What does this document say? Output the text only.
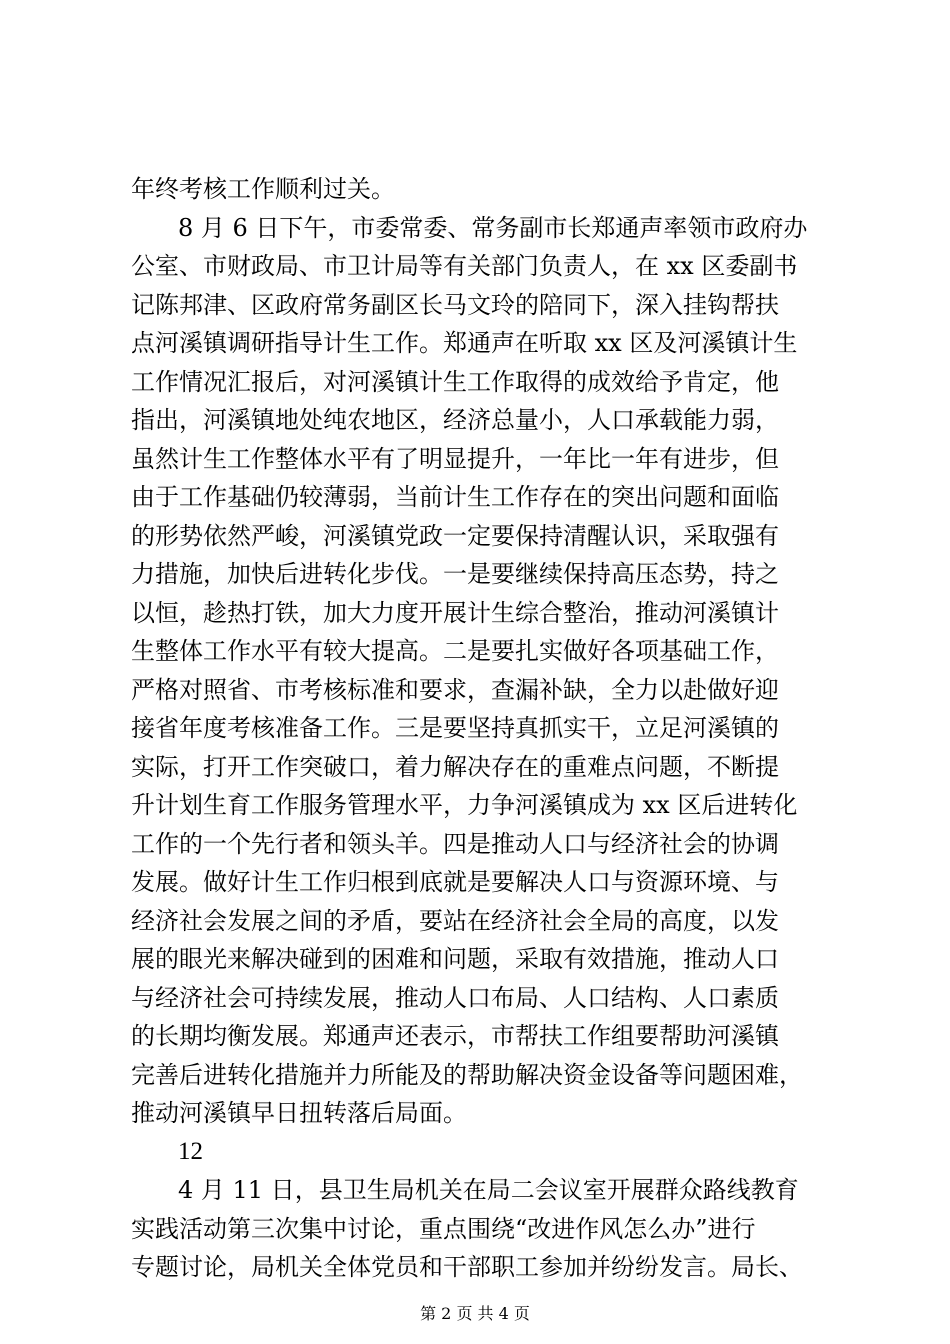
年终考核工作顺利过关。
8 月 6 日下午，市委常委、常务副市长郑通声率领市政府办
公室、市财政局、市卫计局等有关部门负责人，在 xx 区委副书
记陈邦津、区政府常务副区长马文玲的陪同下，深入挂钩帮扶
点河溪镇调研指导计生工作。郑通声在听取 xx 区及河溪镇计生
工作情况汇报后，对河溪镇计生工作取得的成效给予肯定，他
指出，河溪镇地处纯农地区，经济总量小，人口承载能力弱，
虽然计生工作整体水平有了明显提升，一年比一年有进步，但
由于工作基础仍较薄弱，当前计生工作存在的突出问题和面临
的形势依然严峻，河溪镇党政一定要保持清醒认识，采取强有
力措施，加快后进转化步伐。一是要继续保持高压态势，持之
以恒，趁热打铁，加大力度开展计生综合整治，推动河溪镇计
生整体工作水平有较大提高。二是要扎实做好各项基础工作，
严格对照省、市考核标准和要求，查漏补缺，全力以赴做好迎
接省年度考核准备工作。三是要坚持真抓实干，立足河溪镇的
实际，打开工作突破口，着力解决存在的重难点问题，不断提
升计划生育工作服务管理水平，力争河溪镇成为 xx 区后进转化
工作的一个先行者和领头羊。四是推动人口与经济社会的协调
发展。做好计生工作归根到底就是要解决人口与资源环境、与
经济社会发展之间的矛盾，要站在经济社会全局的高度，以发
展的眼光来解决碰到的困难和问题，采取有效措施，推动人口
与经济社会可持续发展，推动人口布局、人口结构、人口素质
的长期均衡发展。郑通声还表示，市帮扶工作组要帮助河溪镇
完善后进转化措施并力所能及的帮助解决资金设备等问题困难，
推动河溪镇早日扭转落后局面。
12
4 月 11 日，县卫生局机关在局二会议室开展群众路线教育
实践活动第三次集中讨论，重点围绕“改进作风怎么办”进行
专题讨论，局机关全体党员和干部职工参加并纷纷发言。局长、
第 2 页 共 4 页
